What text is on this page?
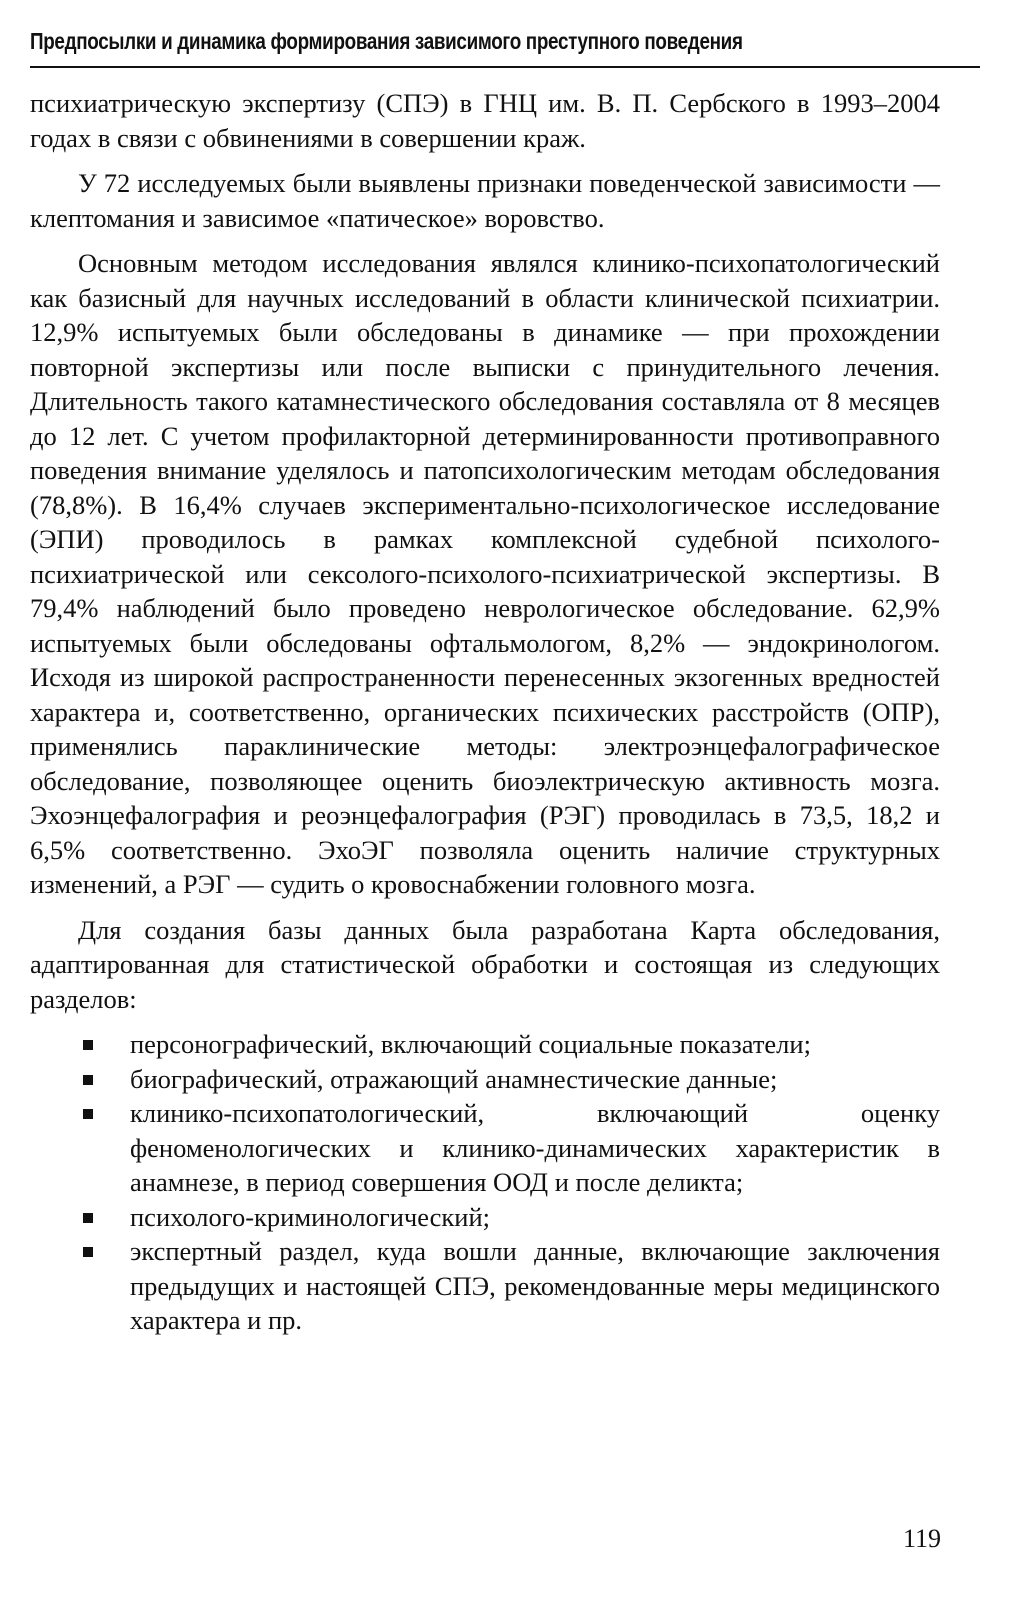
Предпосылки и динамика формирования зависимого преступного поведения

психиатрическую экспертизу (СПЭ) в ГНЦ им. В. П. Сербского в 1993–2004 годах в связи с обвинениями в совершении краж.

У 72 исследуемых были выявлены признаки поведенческой зависимости — клептомания и зависимое «патическое» воровство.

Основным методом исследования являлся клинико-психопатологический как базисный для научных исследований в области клинической психиатрии. 12,9% испытуемых были обследованы в динамике — при прохождении повторной экспертизы или после выписки с принудительного лечения. Длительность такого катамнестического обследования составляла от 8 месяцев до 12 лет. С учетом профилакторной детерминированности противоправного поведения внимание уделялось и патопсихологическим методам обследования (78,8%). В 16,4% случаев экспериментально-психологическое исследование (ЭПИ) проводилось в рамках комплексной судебной психолого-психиатрической или сексолого-психолого-психиатрической экспертизы. В 79,4% наблюдений было проведено неврологическое обследование. 62,9% испытуемых были обследованы офтальмологом, 8,2% — эндокринологом. Исходя из широкой распространенности перенесенных экзогенных вредностей характера и, соответственно, органических психических расстройств (ОПР), применялись параклинические методы: электроэнцефалографическое обследование, позволяющее оценить биоэлектрическую активность мозга. Эхоэнцефалография и реоэнцефалография (РЭГ) проводилась в 73,5, 18,2 и 6,5% соответственно. ЭхоЭГ позволяла оценить наличие структурных изменений, а РЭГ — судить о кровоснабжении головного мозга.

Для создания базы данных была разработана Карта обследования, адаптированная для статистической обработки и состоящая из следующих разделов:

персонографический, включающий социальные показатели;
биографический, отражающий анамнестические данные;
клинико-психопатологический, включающий оценку феноменологических и клинико-динамических характеристик в анамнезе, в период совершения ООД и после деликта;
психолого-криминологический;
экспертный раздел, куда вошли данные, включающие заключения предыдущих и настоящей СПЭ, рекомендованные меры медицинского характера и пр.
119
